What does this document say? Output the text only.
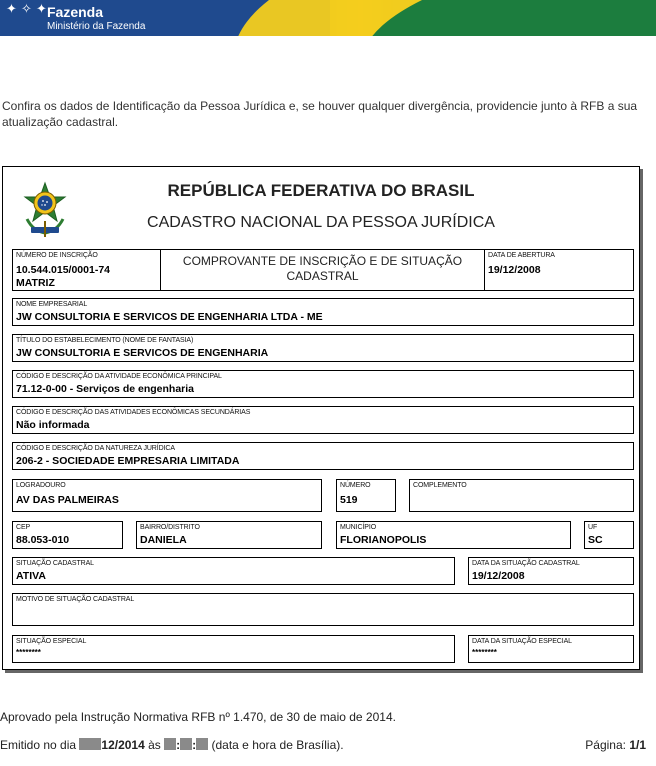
✦ ✧ ✦ Fazenda
Ministério da Fazenda
Confira os dados de Identificação da Pessoa Jurídica e, se houver qualquer divergência, providencie junto à RFB a sua atualização cadastral.
REPÚBLICA FEDERATIVA DO BRASIL
CADASTRO NACIONAL DA PESSOA JURÍDICA
NÚMERO DE INSCRIÇÃO
10.544.015/0001-74
MATRIZ
COMPROVANTE DE INSCRIÇÃO E DE SITUAÇÃO
CADASTRAL
DATA DE ABERTURA
19/12/2008
NOME EMPRESARIAL
JW CONSULTORIA E SERVICOS DE ENGENHARIA LTDA - ME
TÍTULO DO ESTABELECIMENTO (NOME DE FANTASIA)
JW CONSULTORIA E SERVICOS DE ENGENHARIA
CÓDIGO E DESCRIÇÃO DA ATIVIDADE ECONÔMICA PRINCIPAL
71.12-0-00 - Serviços de engenharia
CÓDIGO E DESCRIÇÃO DAS ATIVIDADES ECONÔMICAS SECUNDÁRIAS
Não informada
CÓDIGO E DESCRIÇÃO DA NATUREZA JURÍDICA
206-2 - SOCIEDADE EMPRESARIA LIMITADA
LOGRADOURO
AV DAS PALMEIRAS
NÚMERO
519
COMPLEMENTO
CEP
88.053-010
BAIRRO/DISTRITO
DANIELA
MUNICÍPIO
FLORIANOPOLIS
UF
SC
SITUAÇÃO CADASTRAL
ATIVA
DATA DA SITUAÇÃO CADASTRAL
19/12/2008
MOTIVO DE SITUAÇÃO CADASTRAL
SITUAÇÃO ESPECIAL
********
DATA DA SITUAÇÃO ESPECIAL
********
Aprovado pela Instrução Normativa RFB nº 1.470, de 30 de maio de 2014.
Emitido no dia 12/2014 às : : (data e hora de Brasília).	Página: 1/1
